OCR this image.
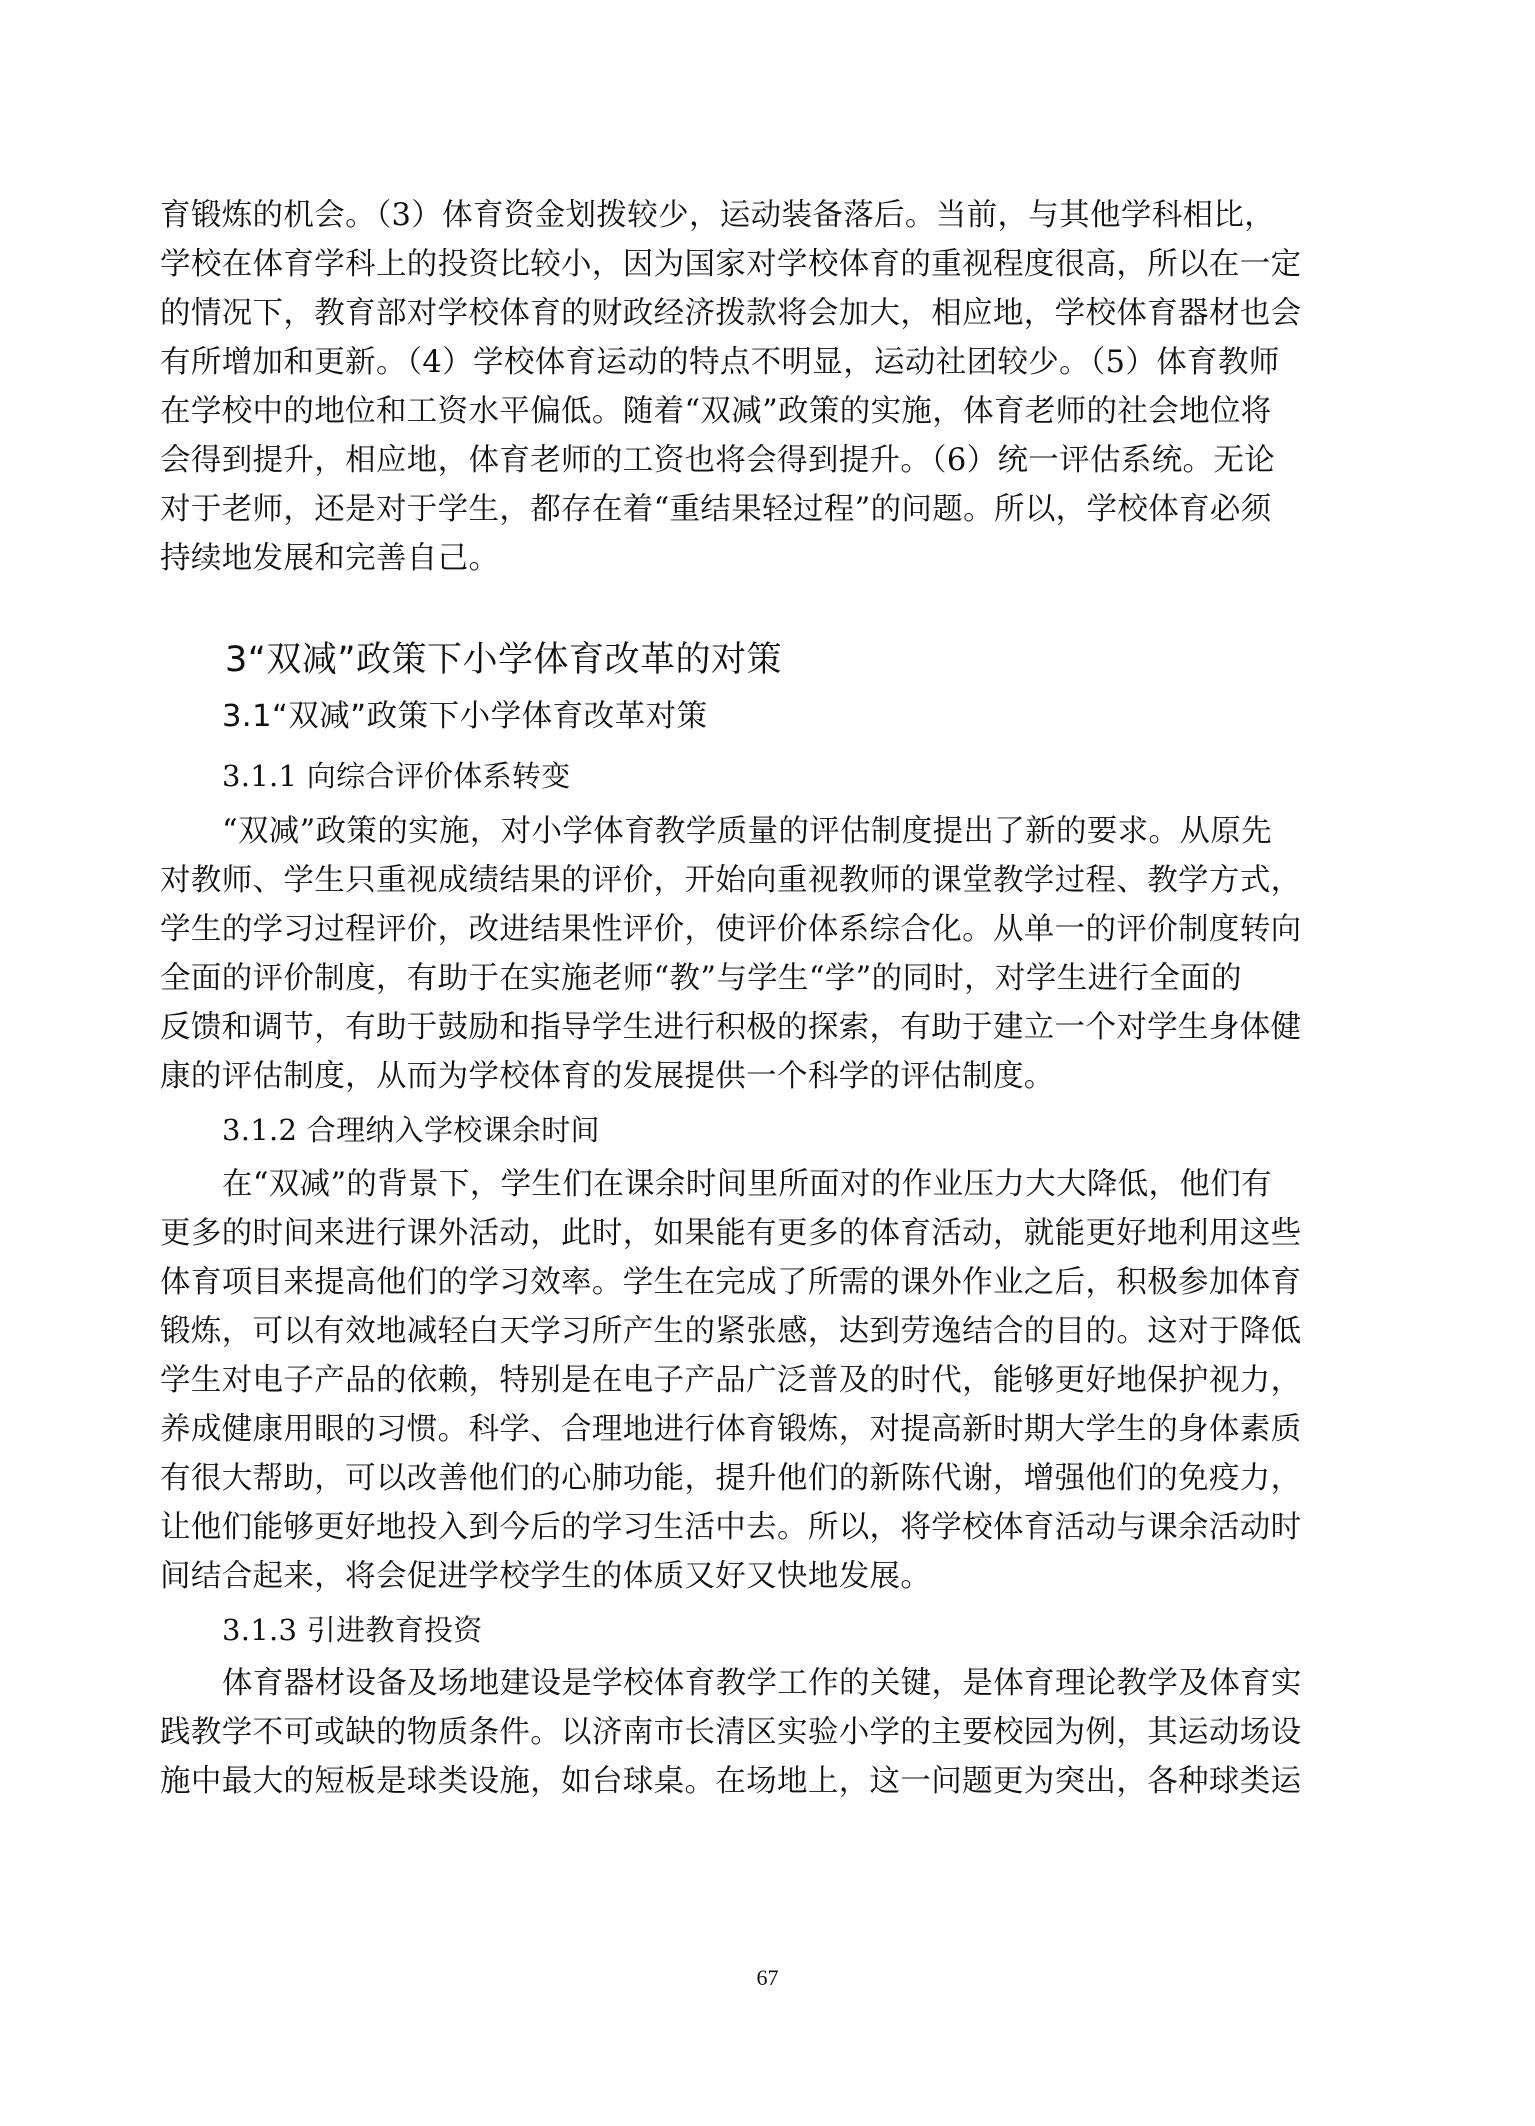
育锻炼的机会。（3）体育资金划拨较少，运动装备落后。当前，与其他学科相比，
学校在体育学科上的投资比较小，因为国家对学校体育的重视程度很高，所以在一定
的情况下，教育部对学校体育的财政经济拨款将会加大，相应地，学校体育器材也会
有所增加和更新。（4）学校体育运动的特点不明显，运动社团较少。（5）体育教师
在学校中的地位和工资水平偏低。随着“双减”政策的实施，体育老师的社会地位将
会得到提升，相应地，体育老师的工资也将会得到提升。（6）统一评估系统。无论
对于老师，还是对于学生，都存在着“重结果轻过程”的问题。所以，学校体育必须
持续地发展和完善自己。
3“双减”政策下小学体育改革的对策
3.1“双减”政策下小学体育改革对策
3.1.1 向综合评价体系转变
“双减”政策的实施，对小学体育教学质量的评估制度提出了新的要求。从原先
对教师、学生只重视成绩结果的评价，开始向重视教师的课堂教学过程、教学方式，
学生的学习过程评价，改进结果性评价，使评价体系综合化。从单一的评价制度转向
全面的评价制度，有助于在实施老师“教”与学生“学”的同时，对学生进行全面的
反馈和调节，有助于鼓励和指导学生进行积极的探索，有助于建立一个对学生身体健
康的评估制度，从而为学校体育的发展提供一个科学的评估制度。
3.1.2 合理纳入学校课余时间
在“双减”的背景下，学生们在课余时间里所面对的作业压力大大降低，他们有
更多的时间来进行课外活动，此时，如果能有更多的体育活动，就能更好地利用这些
体育项目来提高他们的学习效率。学生在完成了所需的课外作业之后，积极参加体育
锻炼，可以有效地减轻白天学习所产生的紧张感，达到劳逸结合的目的。这对于降低
学生对电子产品的依赖，特别是在电子产品广泛普及的时代，能够更好地保护视力，
养成健康用眼的习惯。科学、合理地进行体育锻炼，对提高新时期大学生的身体素质
有很大帮助，可以改善他们的心肺功能，提升他们的新陈代谢，增强他们的免疫力，
让他们能够更好地投入到今后的学习生活中去。所以，将学校体育活动与课余活动时
间结合起来，将会促进学校学生的体质又好又快地发展。
3.1.3 引进教育投资
体育器材设备及场地建设是学校体育教学工作的关键，是体育理论教学及体育实
践教学不可或缺的物质条件。以济南市长清区实验小学的主要校园为例，其运动场设
施中最大的短板是球类设施，如台球桌。在场地上，这一问题更为突出，各种球类运
67
